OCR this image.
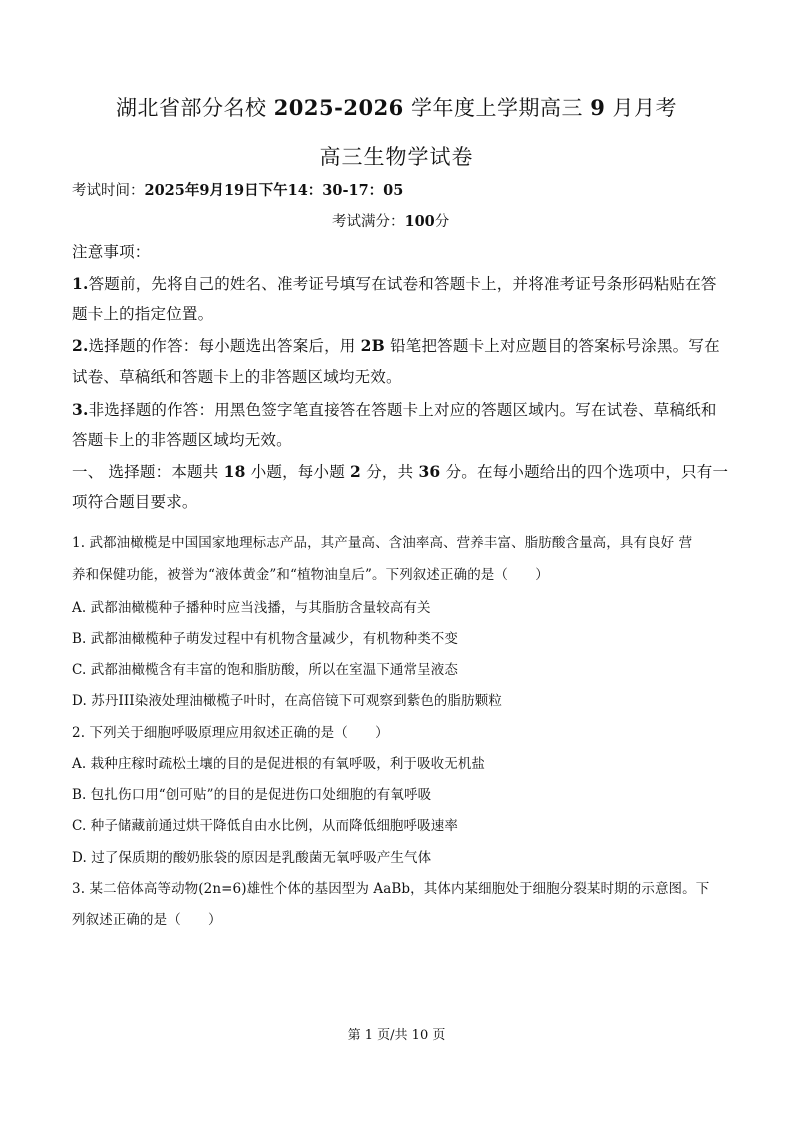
湖北省部分名校 2025-2026 学年度上学期高三 9 月月考
高三生物学试卷
考试时间：2025年9月19日下午14：30-17：05
考试满分：100分
注意事项：
1.答题前，先将自己的姓名、准考证号填写在试卷和答题卡上，并将准考证号条形码粘贴在答
题卡上的指定位置。
2.选择题的作答：每小题选出答案后，用 2B 铅笔把答题卡上对应题目的答案标号涂黑。写在
试卷、草稿纸和答题卡上的非答题区域均无效。
3.非选择题的作答：用黑色签字笔直接答在答题卡上对应的答题区域内。写在试卷、草稿纸和
答题卡上的非答题区域均无效。
一、 选择题：本题共 18 小题，每小题 2 分，共 36 分。在每小题给出的四个选项中，只有一
项符合题目要求。
1. 武都油橄榄是中国国家地理标志产品，其产量高、含油率高、营养丰富、脂肪酸含量高，具有良好 营
养和保健功能，被誉为“液体黄金”和“植物油皇后”。下列叙述正确的是（　　）
A. 武都油橄榄种子播种时应当浅播，与其脂肪含量较高有关
B. 武都油橄榄种子萌发过程中有机物含量减少，有机物种类不变
C. 武都油橄榄含有丰富的饱和脂肪酸，所以在室温下通常呈液态
D. 苏丹III染液处理油橄榄子叶时，在高倍镜下可观察到紫色的脂肪颗粒
2. 下列关于细胞呼吸原理应用叙述正确的是（　　）
A. 栽种庄稼时疏松土壤的目的是促进根的有氧呼吸，利于吸收无机盐
B. 包扎伤口用“创可贴”的目的是促进伤口处细胞的有氧呼吸
C. 种子储藏前通过烘干降低自由水比例，从而降低细胞呼吸速率
D. 过了保质期的酸奶胀袋的原因是乳酸菌无氧呼吸产生气体
3. 某二倍体高等动物(2n=6)雄性个体的基因型为 AaBb，其体内某细胞处于细胞分裂某时期的示意图。下
列叙述正确的是（　　）
第 1 页/共 10 页
